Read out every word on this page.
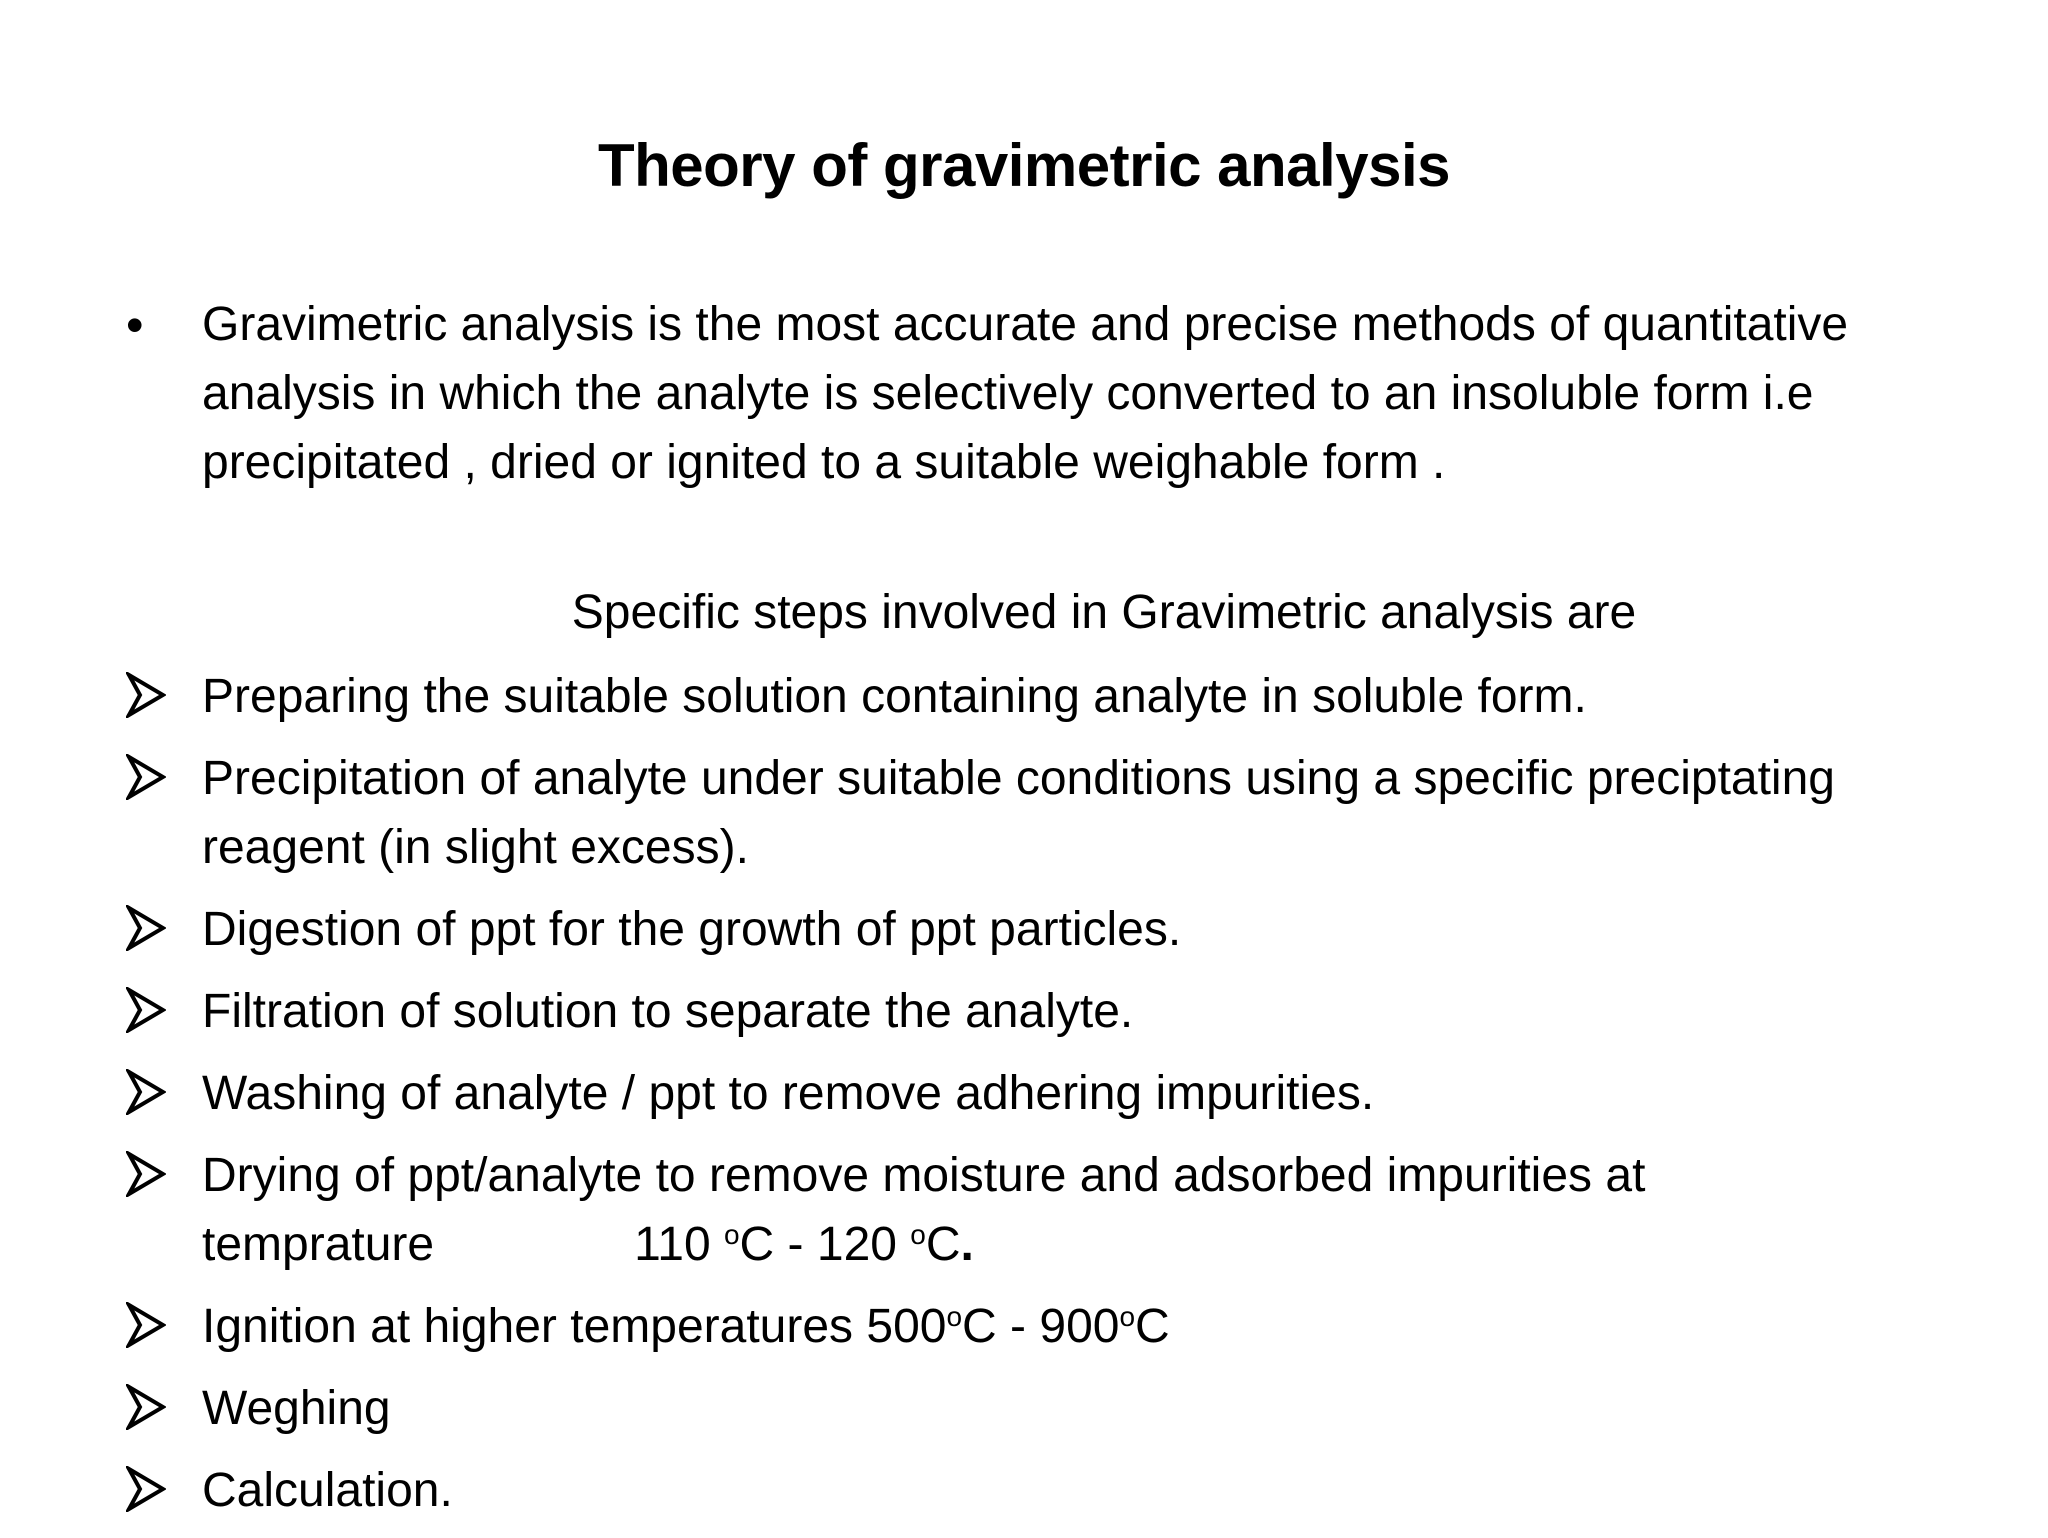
Theory of gravimetric analysis
• Gravimetric analysis is the most accurate and precise methods of quantitative analysis in which the analyte is selectively converted to an insoluble form i.e precipitated , dried or ignited to a suitable weighable form .
Specific steps involved in Gravimetric analysis are
Preparing the suitable solution containing analyte in soluble form.
Precipitation of analyte under suitable conditions using a specific preciptating reagent (in slight excess).
Digestion of ppt for the growth of ppt particles.
Filtration of solution to separate the analyte.
Washing of analyte / ppt to remove adhering impurities.
Drying of ppt/analyte to remove moisture and adsorbed impurities at
temprature	110 $^o$C - 120 $^o$C.
Ignition at higher temperatures 500$^o$C - 900$^o$C
Weghing
Calculation.
